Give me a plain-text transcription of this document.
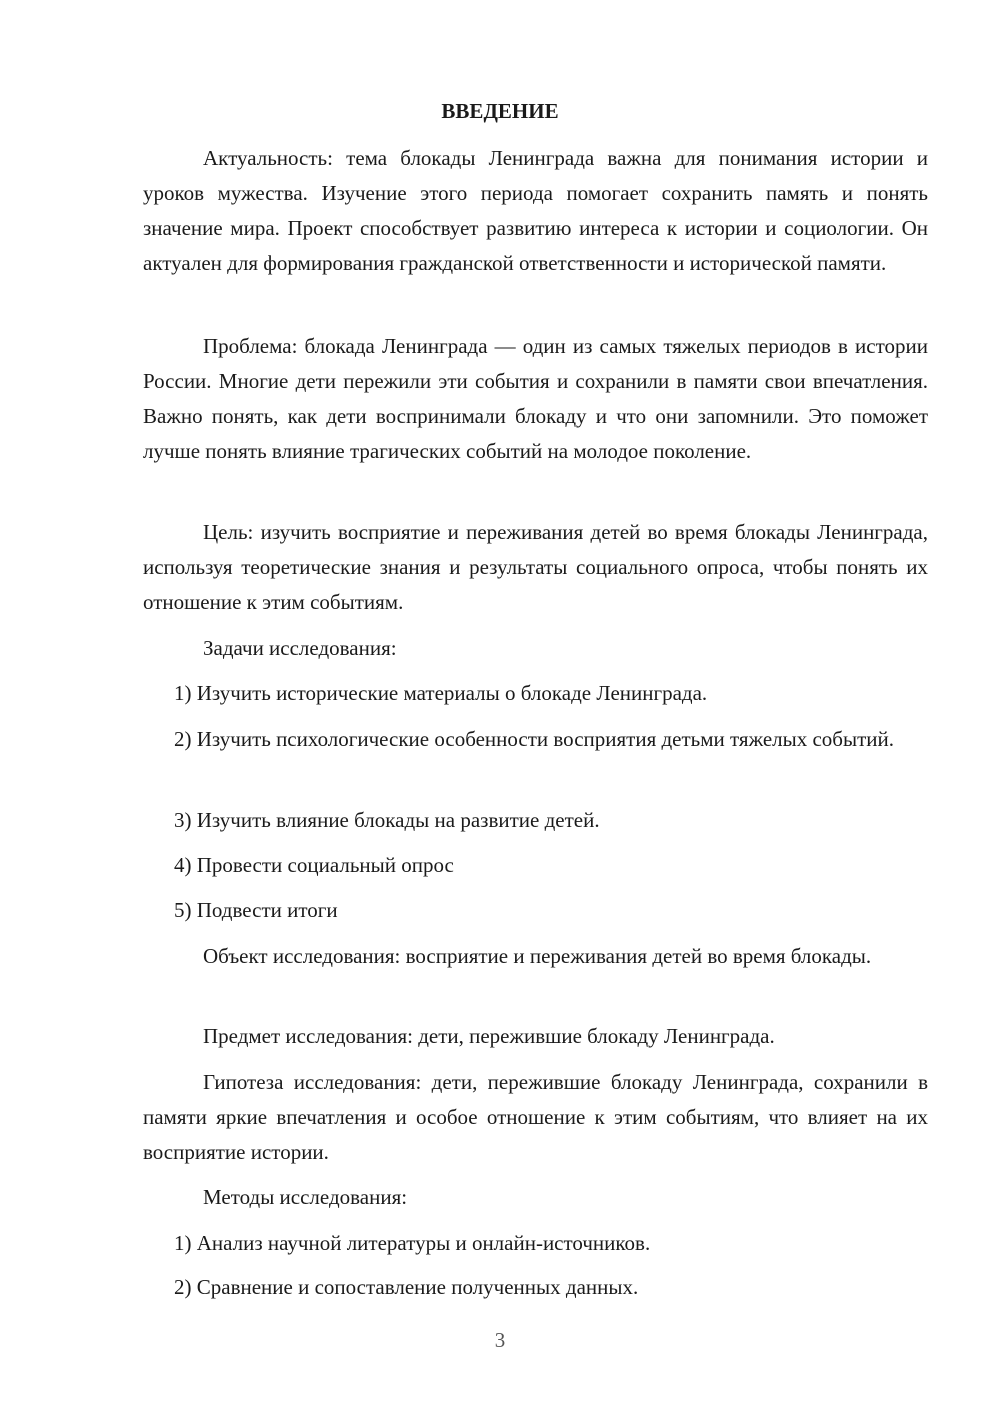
ВВЕДЕНИЕ

Актуальность: тема блокады Ленинграда важна для понимания истории и уроков мужества. Изучение этого периода помогает сохранить память и понять значение мира. Проект способствует развитию интереса к истории и социологии. Он актуален для формирования гражданской ответственности и исторической памяти.

Проблема: блокада Ленинграда — один из самых тяжелых периодов в истории России. Многие дети пережили эти события и сохранили в памяти свои впечатления. Важно понять, как дети воспринимали блокаду и что они запомнили. Это поможет лучше понять влияние трагических событий на молодое поколение.

Цель: изучить восприятие и переживания детей во время блокады Ленинграда, используя теоретические знания и результаты социального опроса, чтобы понять их отношение к этим событиям.

Задачи исследования:

1) Изучить исторические материалы о блокаде Ленинграда.

2) Изучить психологические особенности восприятия детьми тяжелых событий.

3) Изучить влияние блокады на развитие детей.

4) Провести социальный опрос

5) Подвести итоги

Объект исследования: восприятие и переживания детей во время блокады.

Предмет исследования: дети, пережившие блокаду Ленинграда.

Гипотеза исследования: дети, пережившие блокаду Ленинграда, сохранили в памяти яркие впечатления и особое отношение к этим событиям, что влияет на их восприятие истории.

Методы исследования:

1) Анализ научной литературы и онлайн-источников.

2) Сравнение и сопоставление полученных данных.

3
